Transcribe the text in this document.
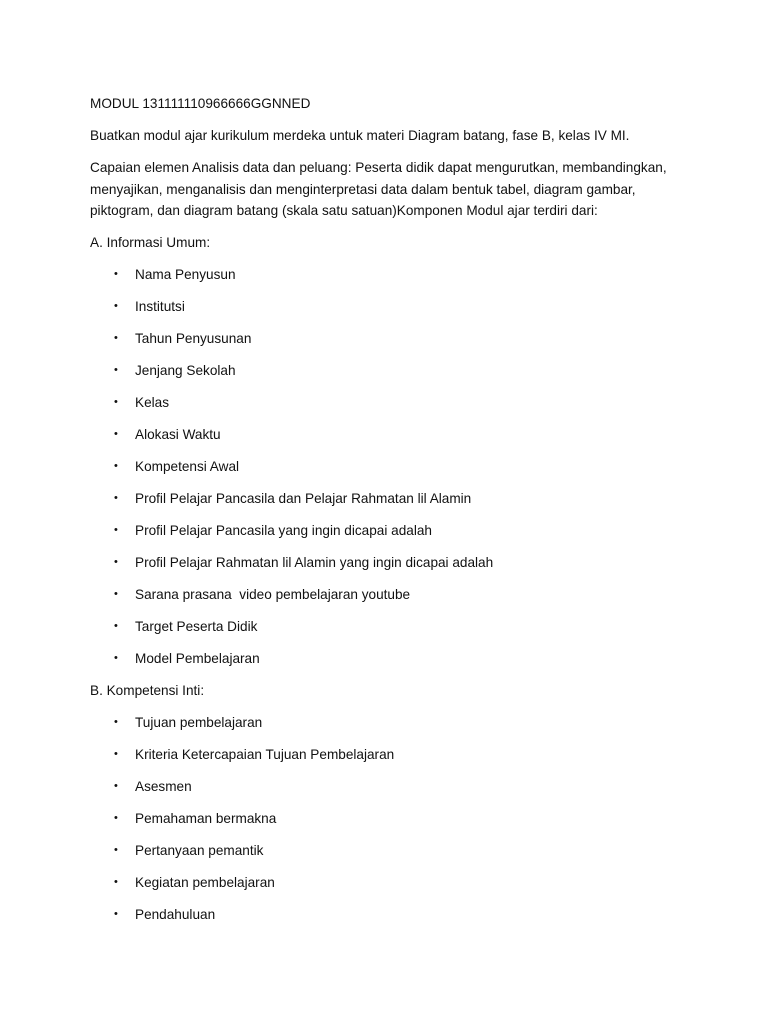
MODUL 131111110966666GGNNED

Buatkan modul ajar kurikulum merdeka untuk materi Diagram batang, fase B, kelas IV MI.

Capaian elemen Analisis data dan peluang: Peserta didik dapat mengurutkan, membandingkan, menyajikan, menganalisis dan menginterpretasi data dalam bentuk tabel, diagram gambar, piktogram, dan diagram batang (skala satu satuan)Komponen Modul ajar terdiri dari:

A. Informasi Umum:

• Nama Penyusun
• Institutsi
• Tahun Penyusunan
• Jenjang Sekolah
• Kelas
• Alokasi Waktu
• Kompetensi Awal
• Profil Pelajar Pancasila dan Pelajar Rahmatan lil Alamin
• Profil Pelajar Pancasila yang ingin dicapai adalah
• Profil Pelajar Rahmatan lil Alamin yang ingin dicapai adalah
• Sarana prasana  video pembelajaran youtube
• Target Peserta Didik
• Model Pembelajaran

B. Kompetensi Inti:

• Tujuan pembelajaran
• Kriteria Ketercapaian Tujuan Pembelajaran
• Asesmen
• Pemahaman bermakna
• Pertanyaan pemantik
• Kegiatan pembelajaran
• Pendahuluan
